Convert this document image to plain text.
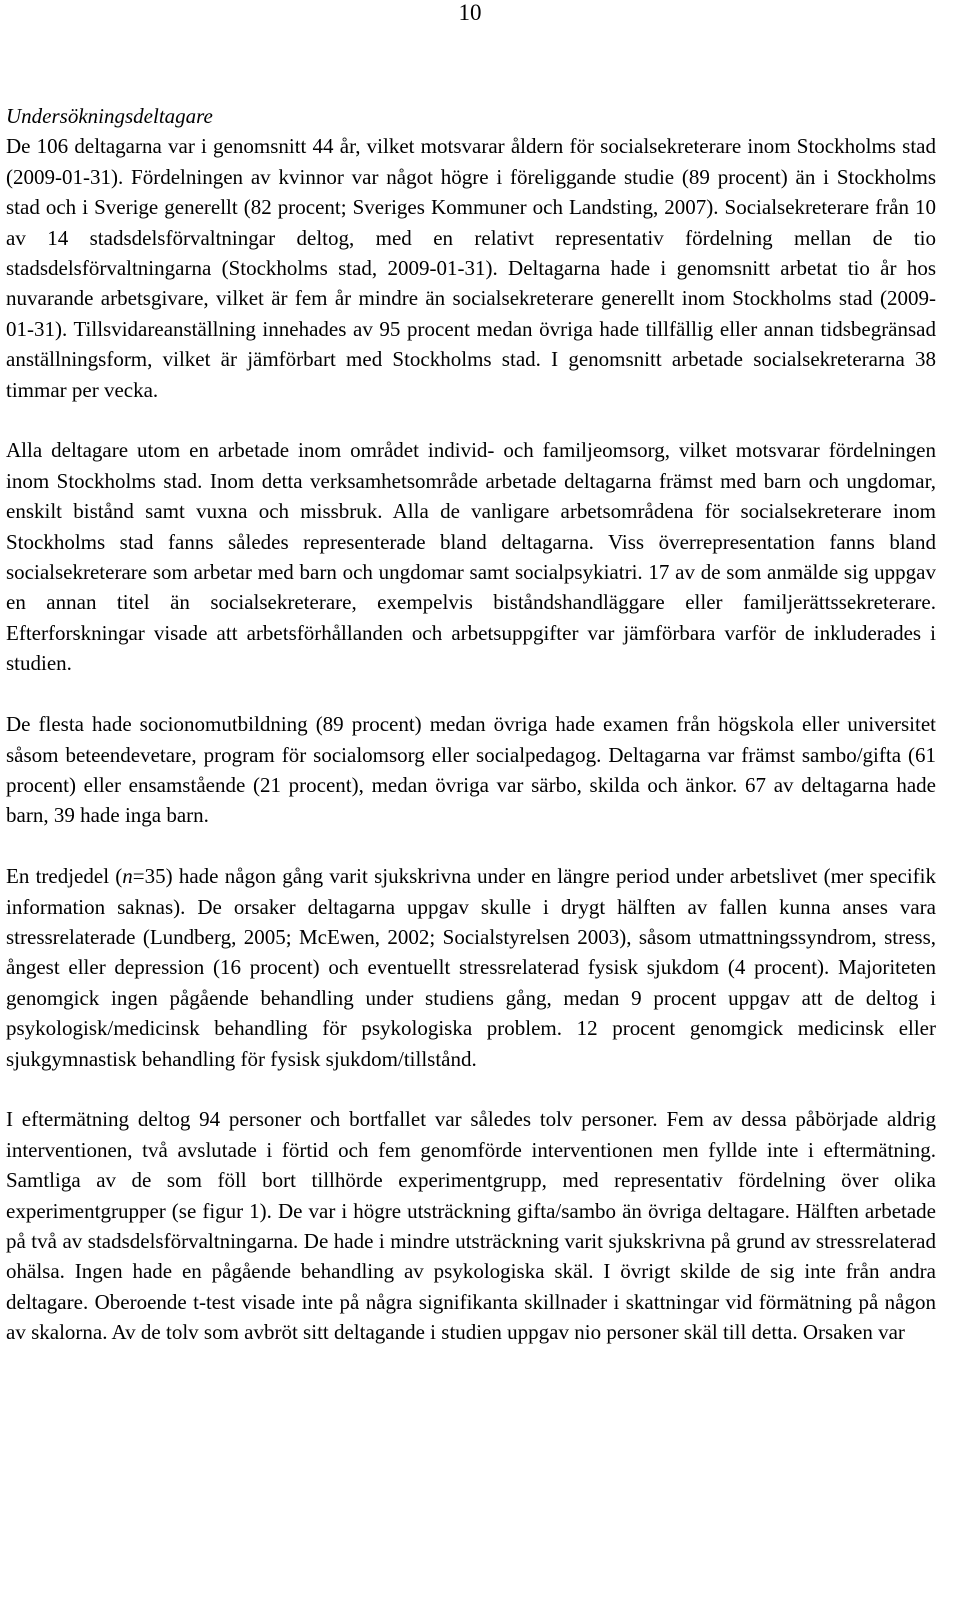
10
Undersökningsdeltagare

De 106 deltagarna var i genomsnitt 44 år, vilket motsvarar åldern för socialsekreterare inom Stockholms stad (2009-01-31). Fördelningen av kvinnor var något högre i föreliggande studie (89 procent) än i Stockholms stad och i Sverige generellt (82 procent; Sveriges Kommuner och Landsting, 2007). Socialsekreterare från 10 av 14 stadsdelsförvaltningar deltog, med en relativt representativ fördelning mellan de tio stadsdelsförvaltningarna (Stockholms stad, 2009-01-31). Deltagarna hade i genomsnitt arbetat tio år hos nuvarande arbetsgivare, vilket är fem år mindre än socialsekreterare generellt inom Stockholms stad (2009-01-31). Tillsvidareanställning innehades av 95 procent medan övriga hade tillfällig eller annan tidsbegränsad anställningsform, vilket är jämförbart med Stockholms stad. I genomsnitt arbetade socialsekreterarna 38 timmar per vecka.

Alla deltagare utom en arbetade inom området individ- och familjeomsorg, vilket motsvarar fördelningen inom Stockholms stad. Inom detta verksamhetsområde arbetade deltagarna främst med barn och ungdomar, enskilt bistånd samt vuxna och missbruk. Alla de vanligare arbetsområdena för socialsekreterare inom Stockholms stad fanns således representerade bland deltagarna. Viss överrepresentation fanns bland socialsekreterare som arbetar med barn och ungdomar samt socialpsykiatri. 17 av de som anmälde sig uppgav en annan titel än socialsekreterare, exempelvis biståndshandläggare eller familjerättssekreterare. Efterforskningar visade att arbetsförhållanden och arbetsuppgifter var jämförbara varför de inkluderades i studien.

De flesta hade socionomutbildning (89 procent) medan övriga hade examen från högskola eller universitet såsom beteendevetare, program för socialomsorg eller socialpedagog. Deltagarna var främst sambo/gifta (61 procent) eller ensamstående (21 procent), medan övriga var särbo, skilda och änkor. 67 av deltagarna hade barn, 39 hade inga barn.

En tredjedel (n=35) hade någon gång varit sjukskrivna under en längre period under arbetslivet (mer specifik information saknas). De orsaker deltagarna uppgav skulle i drygt hälften av fallen kunna anses vara stressrelaterade (Lundberg, 2005; McEwen, 2002; Socialstyrelsen 2003), såsom utmattningssyndrom, stress, ångest eller depression (16 procent) och eventuellt stressrelaterad fysisk sjukdom (4 procent). Majoriteten genomgick ingen pågående behandling under studiens gång, medan 9 procent uppgav att de deltog i psykologisk/medicinsk behandling för psykologiska problem. 12 procent genomgick medicinsk eller sjukgymnastisk behandling för fysisk sjukdom/tillstånd.

I eftermätning deltog 94 personer och bortfallet var således tolv personer. Fem av dessa påbörjade aldrig interventionen, två avslutade i förtid och fem genomförde interventionen men fyllde inte i eftermätning. Samtliga av de som föll bort tillhörde experimentgrupp, med representativ fördelning över olika experimentgrupper (se figur 1). De var i högre utsträckning gifta/sambo än övriga deltagare. Hälften arbetade på två av stadsdelsförvaltningarna. De hade i mindre utsträckning varit sjukskrivna på grund av stressrelaterad ohälsa. Ingen hade en pågående behandling av psykologiska skäl. I övrigt skilde de sig inte från andra deltagare. Oberoende t-test visade inte på några signifikanta skillnader i skattningar vid förmätning på någon av skalorna. Av de tolv som avbröt sitt deltagande i studien uppgav nio personer skäl till detta. Orsaken var
